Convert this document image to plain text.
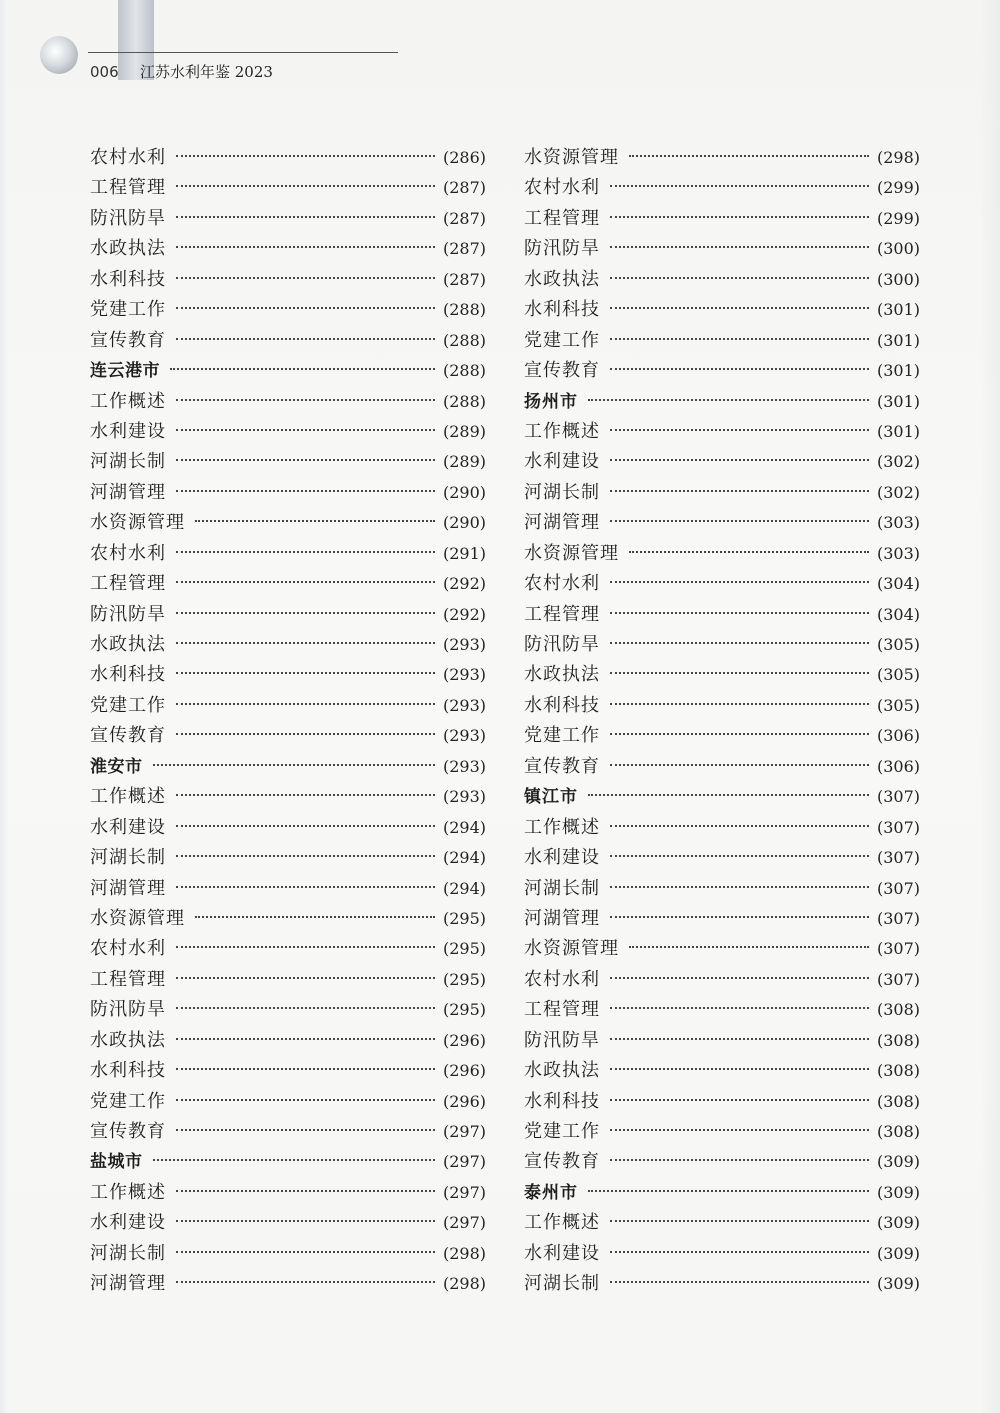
006 江苏水利年鉴 2023
农村水利	(286)
工程管理	(287)
防汛防旱	(287)
水政执法	(287)
水利科技	(287)
党建工作	(288)
宣传教育	(288)
连云港市	(288)
工作概述	(288)
水利建设	(289)
河湖长制	(289)
河湖管理	(290)
水资源管理	(290)
农村水利	(291)
工程管理	(292)
防汛防旱	(292)
水政执法	(293)
水利科技	(293)
党建工作	(293)
宣传教育	(293)
淮安市	(293)
工作概述	(293)
水利建设	(294)
河湖长制	(294)
河湖管理	(294)
水资源管理	(295)
农村水利	(295)
工程管理	(295)
防汛防旱	(295)
水政执法	(296)
水利科技	(296)
党建工作	(296)
宣传教育	(297)
盐城市	(297)
工作概述	(297)
水利建设	(297)
河湖长制	(298)
河湖管理	(298)
水资源管理	(298)
农村水利	(299)
工程管理	(299)
防汛防旱	(300)
水政执法	(300)
水利科技	(301)
党建工作	(301)
宣传教育	(301)
扬州市	(301)
工作概述	(301)
水利建设	(302)
河湖长制	(302)
河湖管理	(303)
水资源管理	(303)
农村水利	(304)
工程管理	(304)
防汛防旱	(305)
水政执法	(305)
水利科技	(305)
党建工作	(306)
宣传教育	(306)
镇江市	(307)
工作概述	(307)
水利建设	(307)
河湖长制	(307)
河湖管理	(307)
水资源管理	(307)
农村水利	(307)
工程管理	(308)
防汛防旱	(308)
水政执法	(308)
水利科技	(308)
党建工作	(308)
宣传教育	(309)
泰州市	(309)
工作概述	(309)
水利建设	(309)
河湖长制	(309)
